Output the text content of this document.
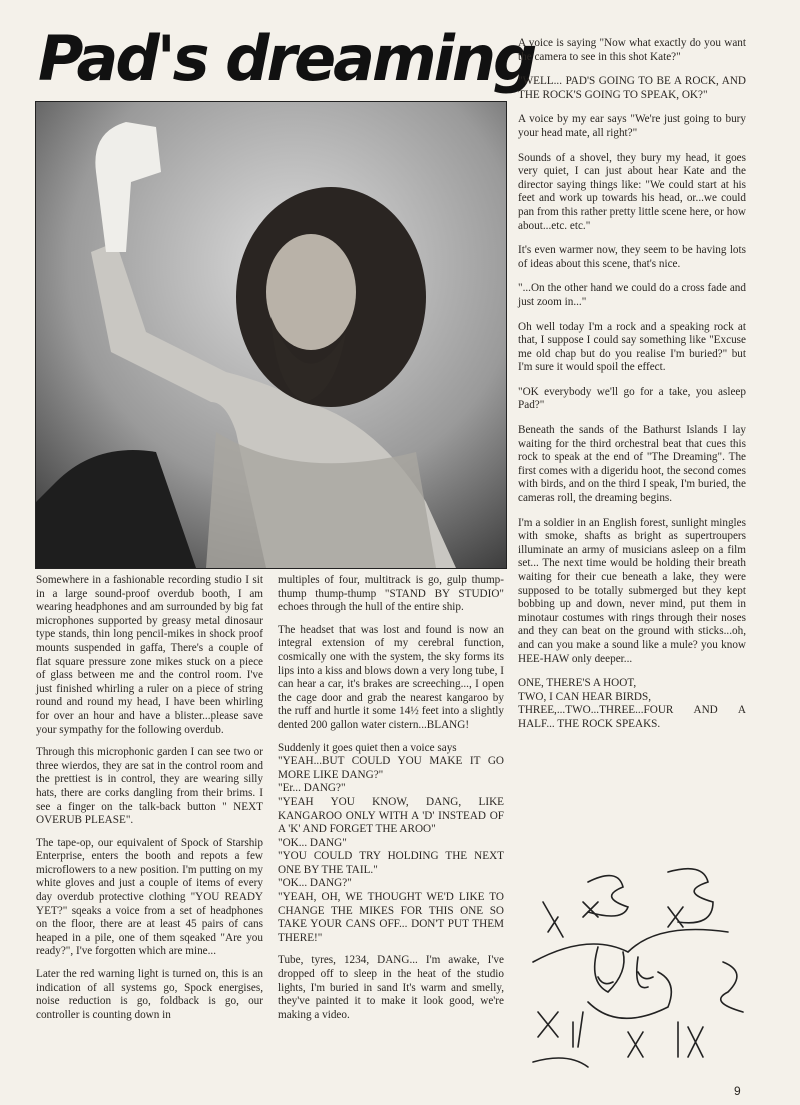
Pad's dreaming

Somewhere in a fashionable recording studio I sit in a large sound-proof overdub booth, I am wearing headphones and am surrounded by big fat microphones supported by greasy metal dinosaur type stands, thin long pencil-mikes in shock proof mounts suspended in gaffa, There's a couple of flat square pressure zone mikes stuck on a piece of glass between me and the control room. I've just finished whirling a ruler on a piece of string round and round my head, I have been whirling for over an hour and have a blister...please save your sympathy for the following overdub.

Through this microphonic garden I can see two or three wierdos, they are sat in the control room and the prettiest is in control, they are wearing silly hats, there are corks dangling from their brims. I see a finger on the talk-back button " NEXT OVERUB PLEASE".

The tape-op, our equivalent of Spock of Starship Enterprise, enters the booth and repots a few microflowers to a new position. I'm putting on my white gloves and just a couple of items of every day overdub protective clothing "YOU READY YET?" sqeaks a voice from a set of headphones on the floor, there are at least 45 pairs of cans heaped in a pile, one of them sqeaked "Are you ready?", I've forgotten which are mine...

Later the red warning light is turned on, this is an indication of all systems go, Spock energises, noise reduction is go, foldback is go, our controller is counting down in

multiples of four, multitrack is go, gulp thump-thump thump-thump "STAND BY STUDIO" echoes through the hull of the entire ship.

The headset that was lost and found is now an integral extension of my cerebral function, cosmically one with the system, the sky forms its lips into a kiss and blows down a very long tube, I can hear a car, it's brakes are screeching..., I open the cage door and grab the nearest kangaroo by the ruff and hurtle it some 14½ feet into a slightly dented 200 gallon water cistern...BLANG!

Suddenly it goes quiet then a voice says
"YEAH...BUT COULD YOU MAKE IT GO MORE LIKE DANG?"
"Er... DANG?"
"YEAH YOU KNOW, DANG, LIKE KANGAROO ONLY WITH A 'D' INSTEAD OF A 'K' AND FORGET THE AROO"
"OK... DANG"
"YOU COULD TRY HOLDING THE NEXT ONE BY THE TAIL."
"OK... DANG?"
"YEAH, OH, WE THOUGHT WE'D LIKE TO CHANGE THE MIKES FOR THIS ONE SO TAKE YOUR CANS OFF... DON'T PUT THEM THERE!"

Tube, tyres, 1234, DANG... I'm awake, I've dropped off to sleep in the heat of the studio lights, I'm buried in sand It's warm and smelly, they've painted it to make it look good, we're making a video.

A voice is saying "Now what exactly do you want the camera to see in this shot Kate?"

"WELL... PAD'S GOING TO BE A ROCK, AND THE ROCK'S GOING TO SPEAK, OK?"

A voice by my ear says "We're just going to bury your head mate, all right?"

Sounds of a shovel, they bury my head, it goes very quiet, I can just about hear Kate and the director saying things like: "We could start at his feet and work up towards his head, or...we could pan from this rather pretty little scene here, or how about...etc. etc."

It's even warmer now, they seem to be having lots of ideas about this scene, that's nice.

"...On the other hand we could do a cross fade and just zoom in..."

Oh well today I'm a rock and a speaking rock at that, I suppose I could say something like "Excuse me old chap but do you realise I'm buried?" but I'm sure it would spoil the effect.

"OK everybody we'll go for a take, you asleep Pad?"

Beneath the sands of the Bathurst Islands I lay waiting for the third orchestral beat that cues this rock to speak at the end of "The Dreaming". The first comes with a digeridu hoot, the second comes with birds, and on the third I speak, I'm buried, the cameras roll, the dreaming begins.

I'm a soldier in an English forest, sunlight mingles with smoke, shafts as bright as supertroupers illuminate an army of musicians asleep on a film set... The next time would be holding their breath waiting for their cue beneath a lake, they were supposed to be totally submerged but they kept bobbing up and down, never mind, put them in minotaur costumes with rings through their noses and they can beat on the ground with sticks...oh, and can you make a sound like a mule? you know HEE-HAW only deeper...

ONE, THERE'S A HOOT,
TWO, I CAN HEAR BIRDS,
THREE,...TWO...THREE...FOUR AND A HALF... THE ROCK SPEAKS.
9
